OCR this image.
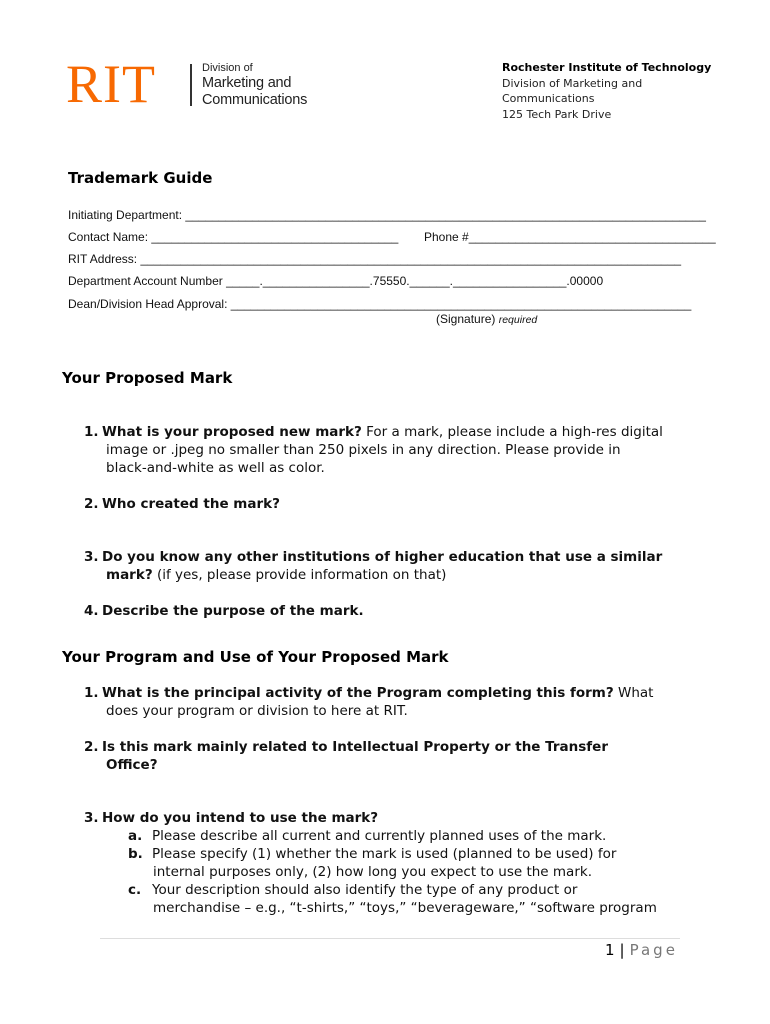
RIT	Division of
Marketing and
Communications
Rochester Institute of Technology
Division of Marketing and
Communications
125 Tech Park Drive
Trademark Guide
Initiating Department: ______________________________________________________________________________
Contact Name: _____________________________________ Phone #_____________________________________
RIT Address: _________________________________________________________________________________
Department Account Number _____.________________.75550.______._________________.00000
Dean/Division Head Approval: _____________________________________________________________________
(Signature) required
Your Proposed Mark
1. What is your proposed new mark? For a mark, please include a high-res digital
image or .jpeg no smaller than 250 pixels in any direction. Please provide in
black-and-white as well as color.
2. Who created the mark?
3. Do you know any other institutions of higher education that use a similar
mark? (if yes, please provide information on that)
4. Describe the purpose of the mark.
Your Program and Use of Your Proposed Mark
1. What is the principal activity of the Program completing this form? What
does your program or division to here at RIT.
2. Is this mark mainly related to Intellectual Property or the Transfer
Office?
3. How do you intend to use the mark?
a. Please describe all current and currently planned uses of the mark.
b. Please specify (1) whether the mark is used (planned to be used) for
internal purposes only, (2) how long you expect to use the mark.
c. Your description should also identify the type of any product or
merchandise – e.g., “t-shirts,” “toys,” “beverageware,” “software program
1 | Page
